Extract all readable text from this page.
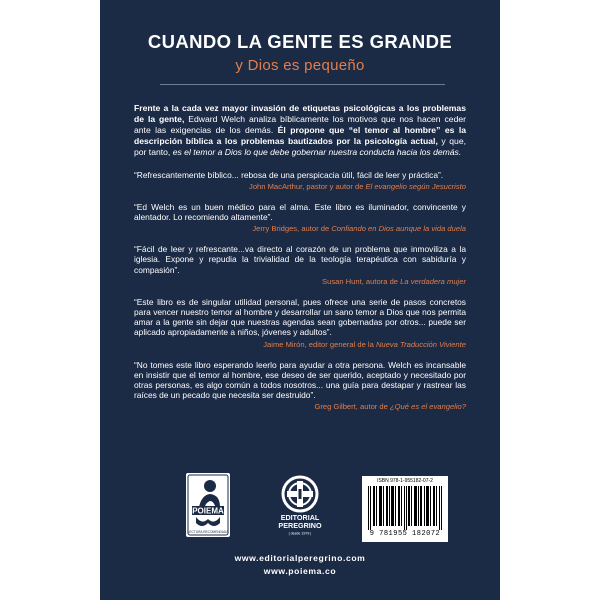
CUANDO LA GENTE ES GRANDE
y Dios es pequeño

Frente a la cada vez mayor invasión de etiquetas psicológicas a los problemas de la gente, Edward Welch analiza bíblicamente los motivos que nos hacen ceder ante las exigencias de los demás. Él propone que “el temor al hombre” es la descripción bíblica a los problemas bautizados por la psicología actual, y que, por tanto, es el temor a Dios lo que debe gobernar nuestra conducta hacia los demás.

“Refrescantemente bíblico... rebosa de una perspicacia útil, fácil de leer y práctica”.

John MacArthur, pastor y autor de El evangelio según Jesucristo

“Ed Welch es un buen médico para el alma. Este libro es iluminador, convincente y alentador. Lo recomiendo altamente”.

Jerry Bridges, autor de Confiando en Dios aunque la vida duela

“Fácil de leer y refrescante...va directo al corazón de un problema que inmoviliza a la iglesia. Expone y repudia la trivialidad de la teología terapéutica con sabiduría y compasión”.

Susan Hunt, autora de La verdadera mujer

“Este libro es de singular utilidad personal, pues ofrece una serie de pasos concretos para vencer nuestro temor al hombre y desarrollar un sano temor a Dios que nos permita amar a la gente sin dejar que nuestras agendas sean gobernadas por otros... puede ser aplicado apropiadamente a niños, jóvenes y adultos”.

Jaime Mirón, editor general de la Nueva Traducción Viviente

“No tomes este libro esperando leerlo para ayudar a otra persona. Welch es incansable en insistir que el temor al hombre, ese deseo de ser querido, aceptado y necesitado por otras personas, es algo común a todos nosotros... una guía para destapar y rastrear las raíces de un pecado que necesita ser destruido”.

Greg Gilbert, autor de ¿Qué es el evangelio?

POIEMA
LECTURA RECOMENDADA
EDITORIAL
PEREGRINO
| desde 1979 |
ISBN 978-1-955182-07-2
9 781955 182072
www.editorialperegrino.com
www.poiema.co
